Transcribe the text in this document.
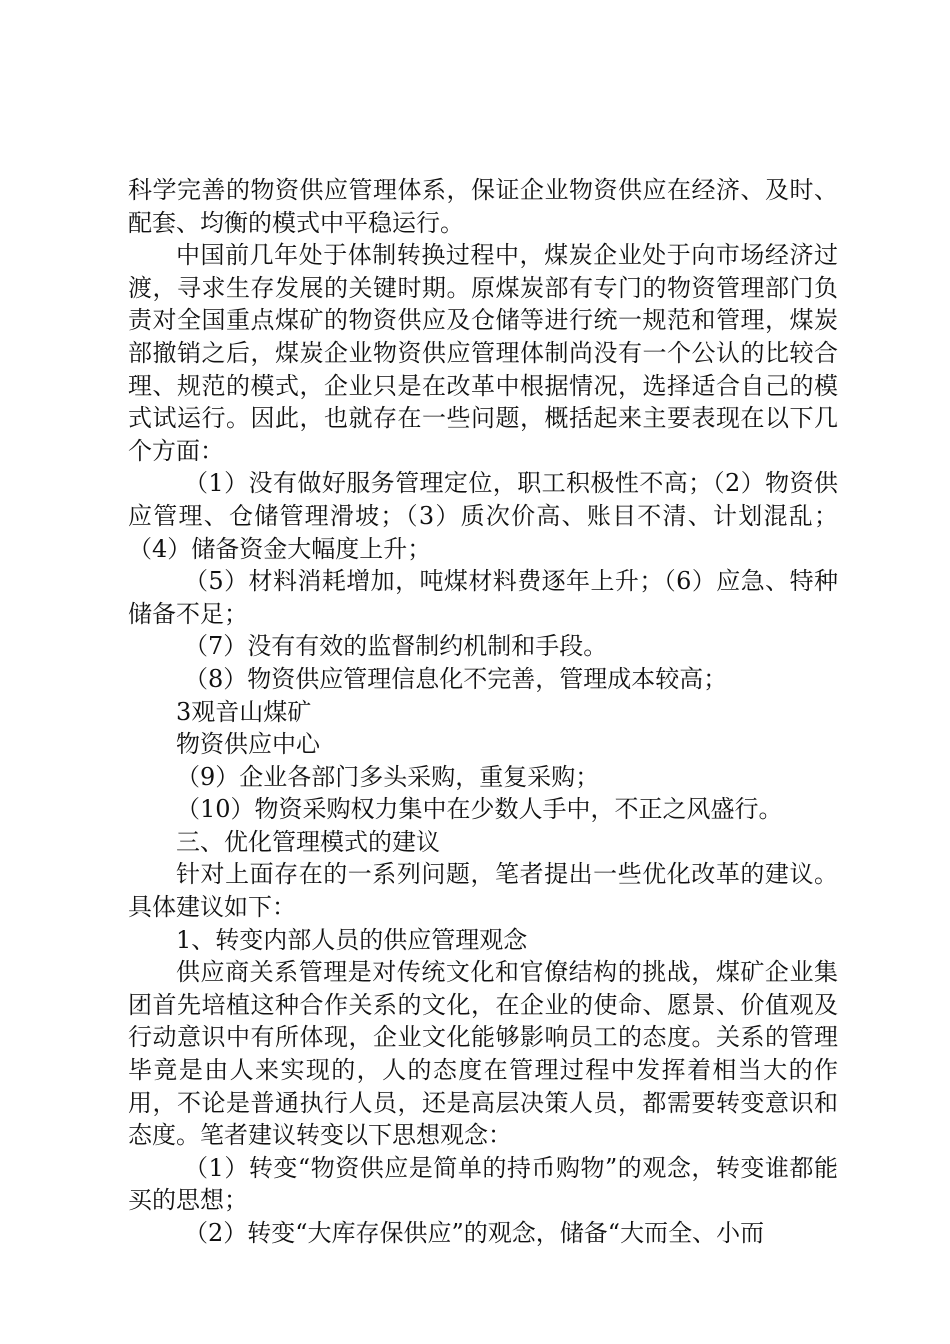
科学完善的物资供应管理体系，保证企业物资供应在经济、及时、配套、均衡的模式中平稳运行。

中国前几年处于体制转换过程中，煤炭企业处于向市场经济过渡，寻求生存发展的关键时期。原煤炭部有专门的物资管理部门负责对全国重点煤矿的物资供应及仓储等进行统一规范和管理，煤炭部撤销之后，煤炭企业物资供应管理体制尚没有一个公认的比较合理、规范的模式，企业只是在改革中根据情况，选择适合自己的模式试运行。因此，也就存在一些问题，概括起来主要表现在以下几个方面：

（1）没有做好服务管理定位，职工积极性不高；（2）物资供应管理、仓储管理滑坡；（3）质次价高、账目不清、计划混乱；（4）储备资金大幅度上升；

（5）材料消耗增加，吨煤材料费逐年上升；（6）应急、特种储备不足；

（7）没有有效的监督制约机制和手段。

（8）物资供应管理信息化不完善，管理成本较高；

3观音山煤矿

物资供应中心

（9）企业各部门多头采购，重复采购；

（10）物资采购权力集中在少数人手中，不正之风盛行。

三、优化管理模式的建议

针对上面存在的一系列问题，笔者提出一些优化改革的建议。具体建议如下：

1、转变内部人员的供应管理观念

供应商关系管理是对传统文化和官僚结构的挑战，煤矿企业集团首先培植这种合作关系的文化，在企业的使命、愿景、价值观及行动意识中有所体现，企业文化能够影响员工的态度。关系的管理毕竟是由人来实现的，人的态度在管理过程中发挥着相当大的作用，不论是普通执行人员，还是高层决策人员，都需要转变意识和态度。笔者建议转变以下思想观念：

（1）转变“物资供应是简单的持币购物”的观念，转变谁都能买的思想；

（2）转变“大库存保供应”的观念，储备“大而全、小而
